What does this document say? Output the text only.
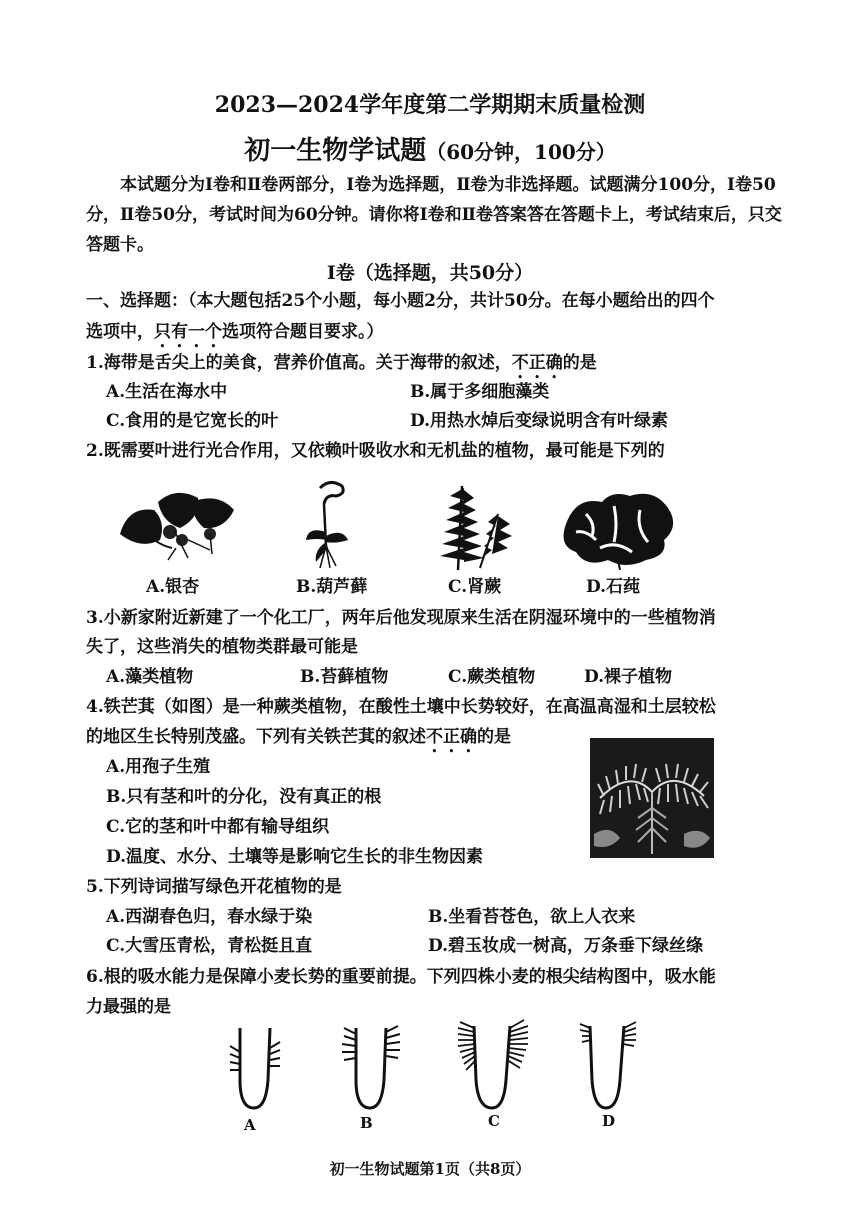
2023—2024学年度第二学期期末质量检测
初一生物学试题（60分钟，100分）
本试题分为Ⅰ卷和Ⅱ卷两部分，Ⅰ卷为选择题，Ⅱ卷为非选择题。试题满分100分，Ⅰ卷50分，Ⅱ卷50分，考试时间为60分钟。请你将Ⅰ卷和Ⅱ卷答案答在答题卡上，考试结束后，只交答题卡。
Ⅰ卷（选择题，共50分）
一、选择题：（本大题包括25个小题，每小题2分，共计50分。在每小题给出的四个
选项中，只有一个选项符合题目要求。）
1.海带是舌尖上的美食，营养价值高。关于海带的叙述，不正确的是
A.生活在海水中	B.属于多细胞藻类
C.食用的是它宽长的叶	D.用热水焯后变绿说明含有叶绿素
2.既需要叶进行光合作用，又依赖叶吸收水和无机盐的植物，最可能是下列的
A.银杏	B.葫芦藓	C.肾蕨	D.石莼
3.小新家附近新建了一个化工厂，两年后他发现原来生活在阴湿环境中的一些植物消
失了，这些消失的植物类群最可能是
A.藻类植物	B.苔藓植物	C.蕨类植物	D.裸子植物
4.铁芒萁（如图）是一种蕨类植物，在酸性土壤中长势较好，在高温高湿和土层较松
的地区生长特别茂盛。下列有关铁芒萁的叙述不正确的是
A.用孢子生殖
B.只有茎和叶的分化，没有真正的根
C.它的茎和叶中都有输导组织
D.温度、水分、土壤等是影响它生长的非生物因素
5.下列诗词描写绿色开花植物的是
A.西湖春色归，春水绿于染	B.坐看苔苍色，欲上人衣来
C.大雪压青松，青松挺且直	D.碧玉妆成一树高，万条垂下绿丝绦
6.根的吸水能力是保障小麦长势的重要前提。下列四株小麦的根尖结构图中，吸水能
力最强的是
A	B	C	D
初一生物试题第1页（共8页）
